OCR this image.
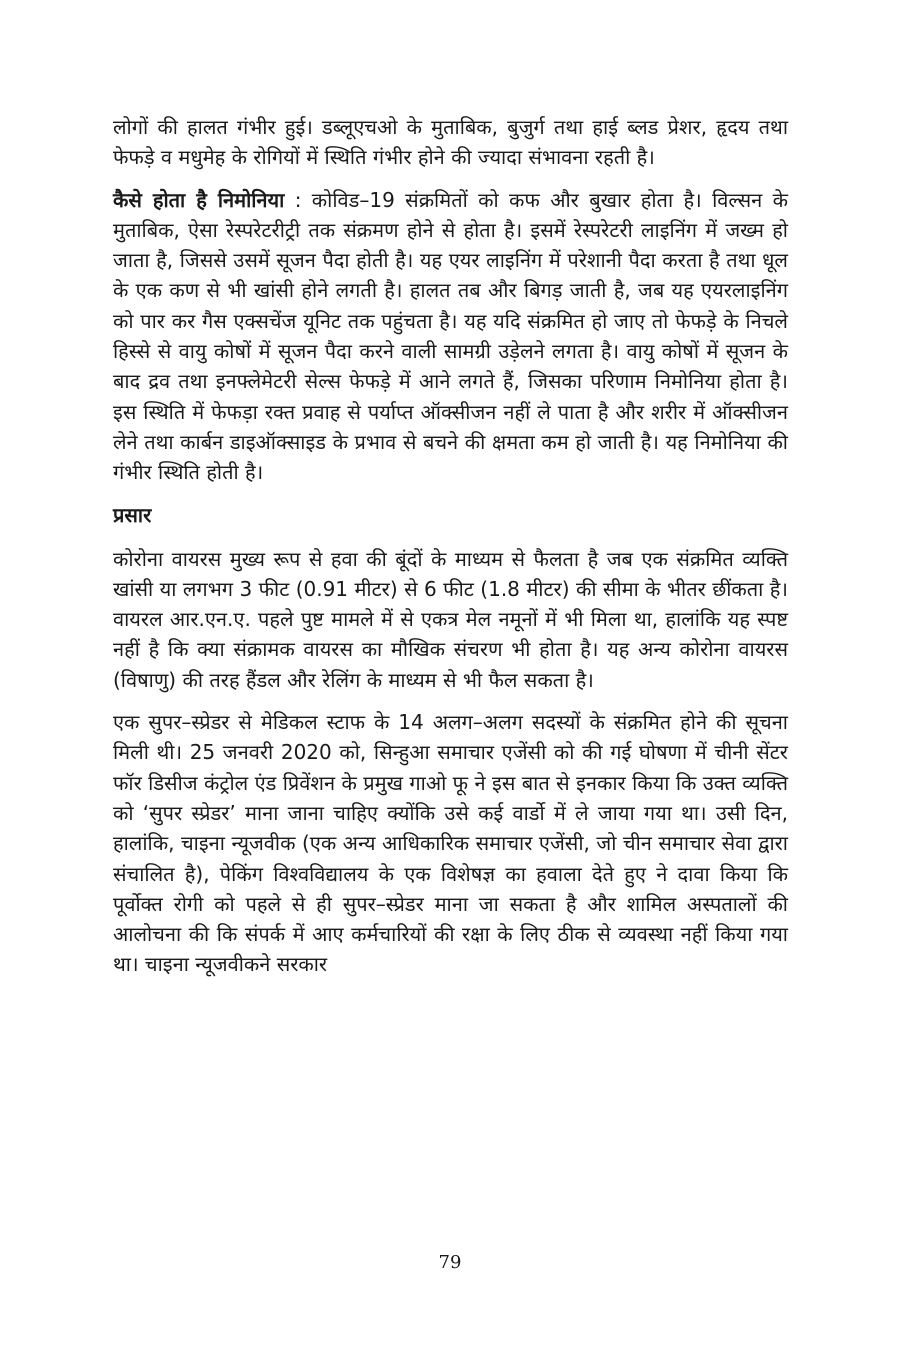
लोगों की हालत गंभीर हुई। डब्लूएचओ के मुताबिक, बुजुर्ग तथा हाई ब्लड प्रेशर, हृदय तथा फेफड़े व मधुमेह के रोगियों में स्थिति गंभीर होने की ज्यादा संभावना रहती है।

कैसे होता है निमोनिया : कोविड–19 संक्रमितों को कफ और बुखार होता है। विल्सन के मुताबिक, ऐसा रेस्परेटरीट्री तक संक्रमण होने से होता है। इसमें रेस्परेटरी लाइनिंग में जख्म हो जाता है, जिससे उसमें सूजन पैदा होती है। यह एयर लाइनिंग में परेशानी पैदा करता है तथा धूल के एक कण से भी खांसी होने लगती है। हालत तब और बिगड़ जाती है, जब यह एयरलाइनिंग को पार कर गैस एक्सचेंज यूनिट तक पहुंचता है। यह यदि संक्रमित हो जाए तो फेफड़े के निचले हिस्से से वायु कोषों में सूजन पैदा करने वाली सामग्री उड़ेलने लगता है। वायु कोषों में सूजन के बाद द्रव तथा इनफ्लेमेटरी सेल्स फेफड़े में आने लगते हैं, जिसका परिणाम निमोनिया होता है। इस स्थिति में फेफड़ा रक्त प्रवाह से पर्याप्त ऑक्सीजन नहीं ले पाता है और शरीर में ऑक्सीजन लेने तथा कार्बन डाइऑक्साइड के प्रभाव से बचने की क्षमता कम हो जाती है। यह निमोनिया की गंभीर स्थिति होती है।

प्रसार

कोरोना वायरस मुख्य रूप से हवा की बूंदों के माध्यम से फैलता है जब एक संक्रमित व्यक्ति खांसी या लगभग 3 फीट (0.91 मीटर) से 6 फीट (1.8 मीटर) की सीमा के भीतर छींकता है। वायरल आर.एन.ए. पहले पुष्ट मामले में से एकत्र मेल नमूनों में भी मिला था, हालांकि यह स्पष्ट नहीं है कि क्या संक्रामक वायरस का मौखिक संचरण भी होता है। यह अन्य कोरोना वायरस (विषाणु) की तरह हैंडल और रेलिंग के माध्यम से भी फैल सकता है।

एक सुपर–स्प्रेडर से मेडिकल स्टाफ के 14 अलग–अलग सदस्यों के संक्रमित होने की सूचना मिली थी। 25 जनवरी 2020 को, सिन्हुआ समाचार एजेंसी को की गई घोषणा में चीनी सेंटर फॉर डिसीज कंट्रोल एंड प्रिवेंशन के प्रमुख गाओ फू ने इस बात से इनकार किया कि उक्त व्यक्ति को ‘सुपर स्प्रेडर’ माना जाना चाहिए क्योंकि उसे कई वार्डो में ले जाया गया था। उसी दिन, हालांकि, चाइना न्यूजवीक (एक अन्य आधिकारिक समाचार एजेंसी, जो चीन समाचार सेवा द्वारा संचालित है), पेकिंग विश्वविद्यालय के एक विशेषज्ञ का हवाला देते हुए ने दावा किया कि पूर्वोक्त रोगी को पहले से ही सुपर–स्प्रेडर माना जा सकता है और शामिल अस्पतालों की आलोचना की कि संपर्क में आए कर्मचारियों की रक्षा के लिए ठीक से व्यवस्था नहीं किया गया था। चाइना न्यूजवीकने सरकार

79
